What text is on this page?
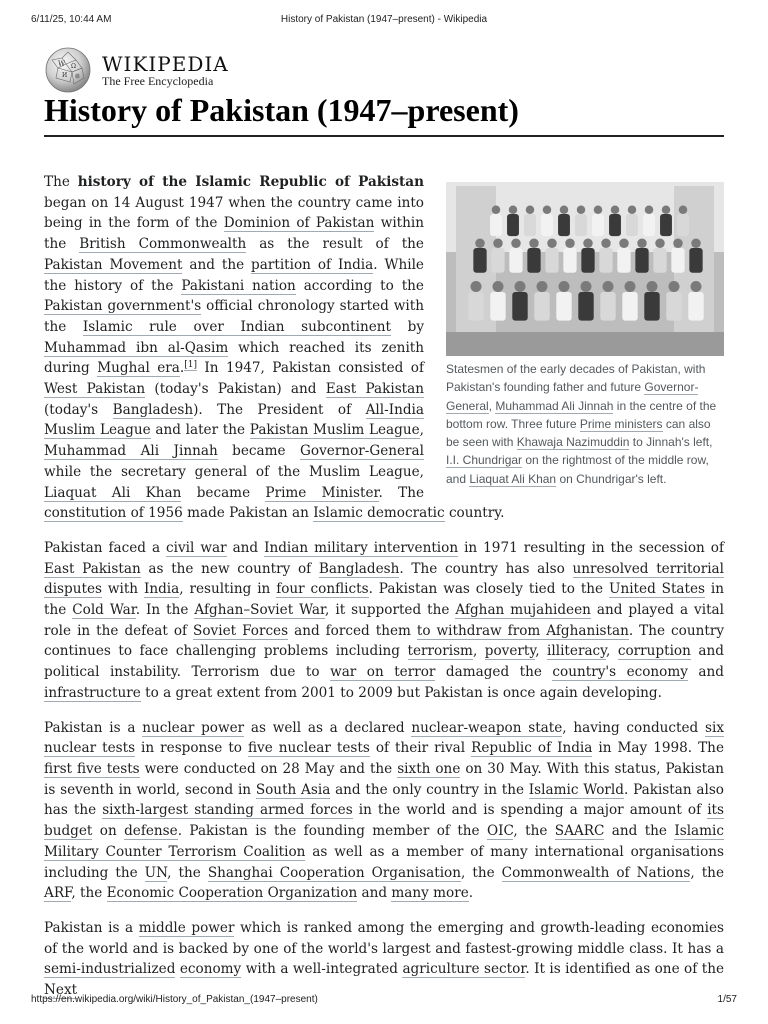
6/11/25, 10:44 AM	History of Pakistan (1947–present) - Wikipedia
W Ω
И 維
WIKIPEDIA
The Free Encyclopedia
History of Pakistan (1947–present)

Statesmen of the early decades of Pakistan, with Pakistan's founding father and future Governor-General, Muhammad Ali Jinnah in the centre of the bottom row. Three future Prime ministers can also be seen with Khawaja Nazimuddin to Jinnah's left, I.I. Chundrigar on the rightmost of the middle row, and Liaquat Ali Khan on Chundrigar's left.
The history of the Islamic Republic of Pakistan began on 14 August 1947 when the country came into being in the form of the Dominion of Pakistan within the British Commonwealth as the result of the Pakistan Movement and the partition of India. While the history of the Pakistani nation according to the Pakistan government's official chronology started with the Islamic rule over Indian subcontinent by Muhammad ibn al-Qasim which reached its zenith during Mughal era.[1] In 1947, Pakistan consisted of West Pakistan (today's Pakistan) and East Pakistan (today's Bangladesh). The President of All-India Muslim League and later the Pakistan Muslim League, Muhammad Ali Jinnah became Governor-General while the secretary general of the Muslim League, Liaquat Ali Khan became Prime Minister. The constitution of 1956 made Pakistan an Islamic democratic country.

Pakistan faced a civil war and Indian military intervention in 1971 resulting in the secession of East Pakistan as the new country of Bangladesh. The country has also unresolved territorial disputes with India, resulting in four conflicts. Pakistan was closely tied to the United States in the Cold War. In the Afghan–Soviet War, it supported the Afghan mujahideen and played a vital role in the defeat of Soviet Forces and forced them to withdraw from Afghanistan. The country continues to face challenging problems including terrorism, poverty, illiteracy, corruption and political instability. Terrorism due to war on terror damaged the country's economy and infrastructure to a great extent from 2001 to 2009 but Pakistan is once again developing.

Pakistan is a nuclear power as well as a declared nuclear-weapon state, having conducted six nuclear tests in response to five nuclear tests of their rival Republic of India in May 1998. The first five tests were conducted on 28 May and the sixth one on 30 May. With this status, Pakistan is seventh in world, second in South Asia and the only country in the Islamic World. Pakistan also has the sixth-largest standing armed forces in the world and is spending a major amount of its budget on defense. Pakistan is the founding member of the OIC, the SAARC and the Islamic Military Counter Terrorism Coalition as well as a member of many international organisations including the UN, the Shanghai Cooperation Organisation, the Commonwealth of Nations, the ARF, the Economic Cooperation Organization and many more.

Pakistan is a middle power which is ranked among the emerging and growth-leading economies of the world and is backed by one of the world's largest and fastest-growing middle class. It has a semi-industrialized economy with a well-integrated agriculture sector. It is identified as one of the Next

https://en.wikipedia.org/wiki/History_of_Pakistan_(1947–present)	1/57
